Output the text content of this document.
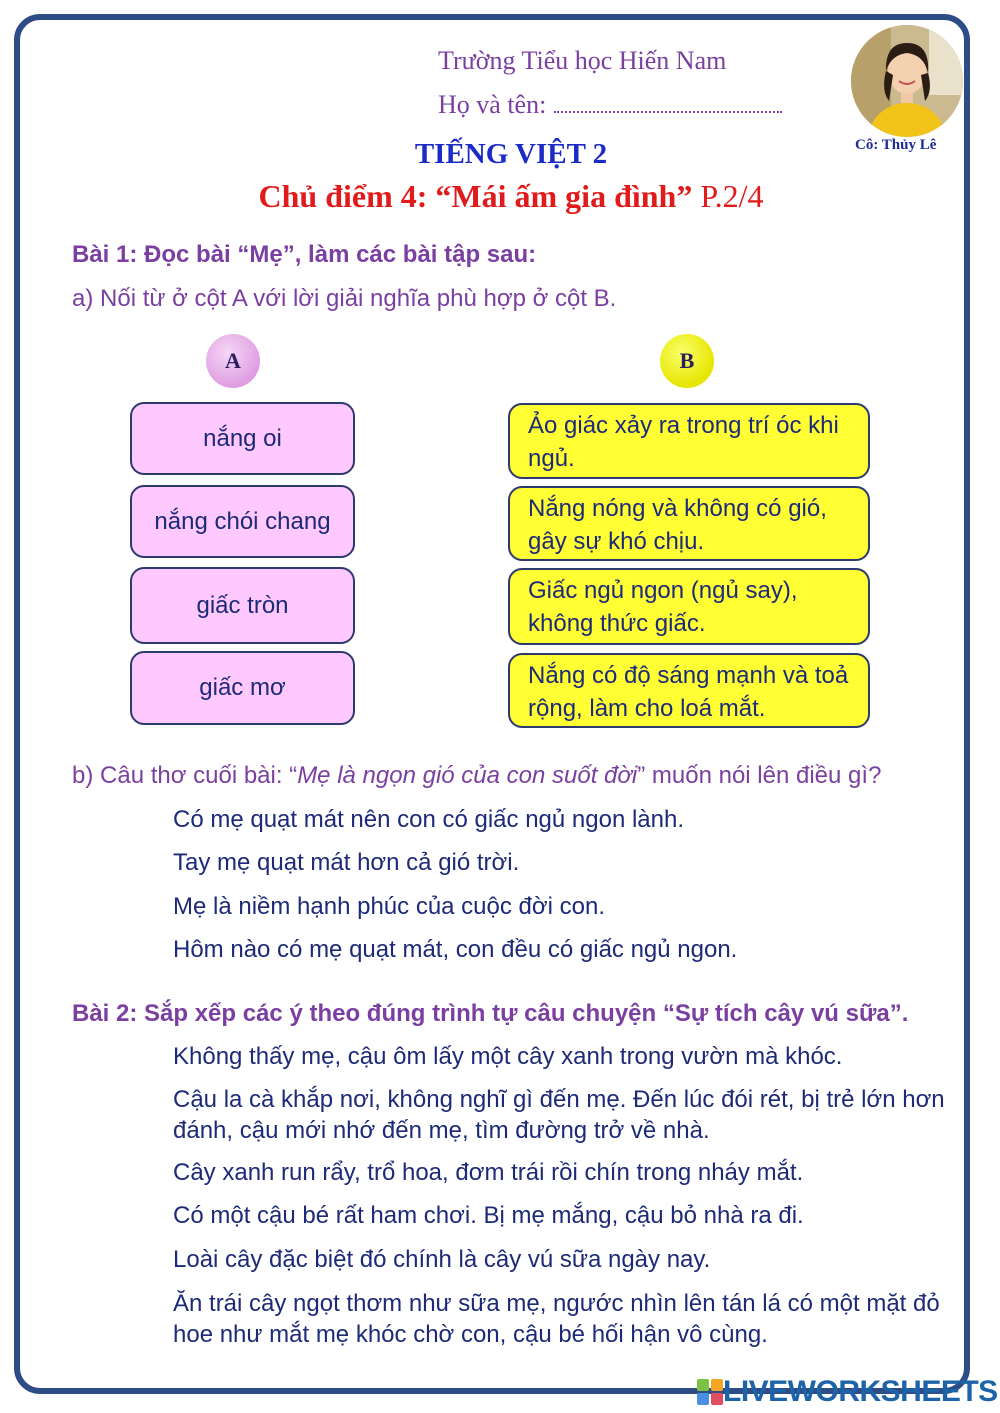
Trường Tiểu học Hiến Nam
Họ và tên:
Cô: Thủy Lê
TIẾNG VIỆT 2
Chủ điểm 4: “Mái ấm gia đình” P.2/4
Bài 1: Đọc bài “Mẹ”, làm các bài tập sau:
a) Nối từ ở cột A với lời giải nghĩa phù hợp ở cột B.
A	B
nắng oi
nắng chói chang
giấc tròn
giấc mơ
Ảo giác xảy ra trong trí óc khi ngủ.
Nắng nóng và không có gió, gây sự khó chịu.
Giấc ngủ ngon (ngủ say), không thức giấc.
Nắng có độ sáng mạnh và toả rộng, làm cho loá mắt.
b) Câu thơ cuối bài: “Mẹ là ngọn gió của con suốt đời” muốn nói lên điều gì?
Có mẹ quạt mát nên con có giấc ngủ ngon lành.
Tay mẹ quạt mát hơn cả gió trời.
Mẹ là niềm hạnh phúc của cuộc đời con.
Hôm nào có mẹ quạt mát, con đều có giấc ngủ ngon.
Bài 2: Sắp xếp các ý theo đúng trình tự câu chuyện “Sự tích cây vú sữa”.
Không thấy mẹ, cậu ôm lấy một cây xanh trong vườn mà khóc.
Cậu la cà khắp nơi, không nghĩ gì đến mẹ. Đến lúc đói rét, bị trẻ lớn hơn đánh, cậu mới nhớ đến mẹ, tìm đường trở về nhà.
Cây xanh run rẩy, trổ hoa, đơm trái rồi chín trong nháy mắt.
Có một cậu bé rất ham chơi. Bị mẹ mắng, cậu bỏ nhà ra đi.
Loài cây đặc biệt đó chính là cây vú sữa ngày nay.
Ăn trái cây ngọt thơm như sữa mẹ, ngước nhìn lên tán lá có một mặt đỏ hoe như mắt mẹ khóc chờ con, cậu bé hối hận vô cùng.
LIVEWORKSHEETS
